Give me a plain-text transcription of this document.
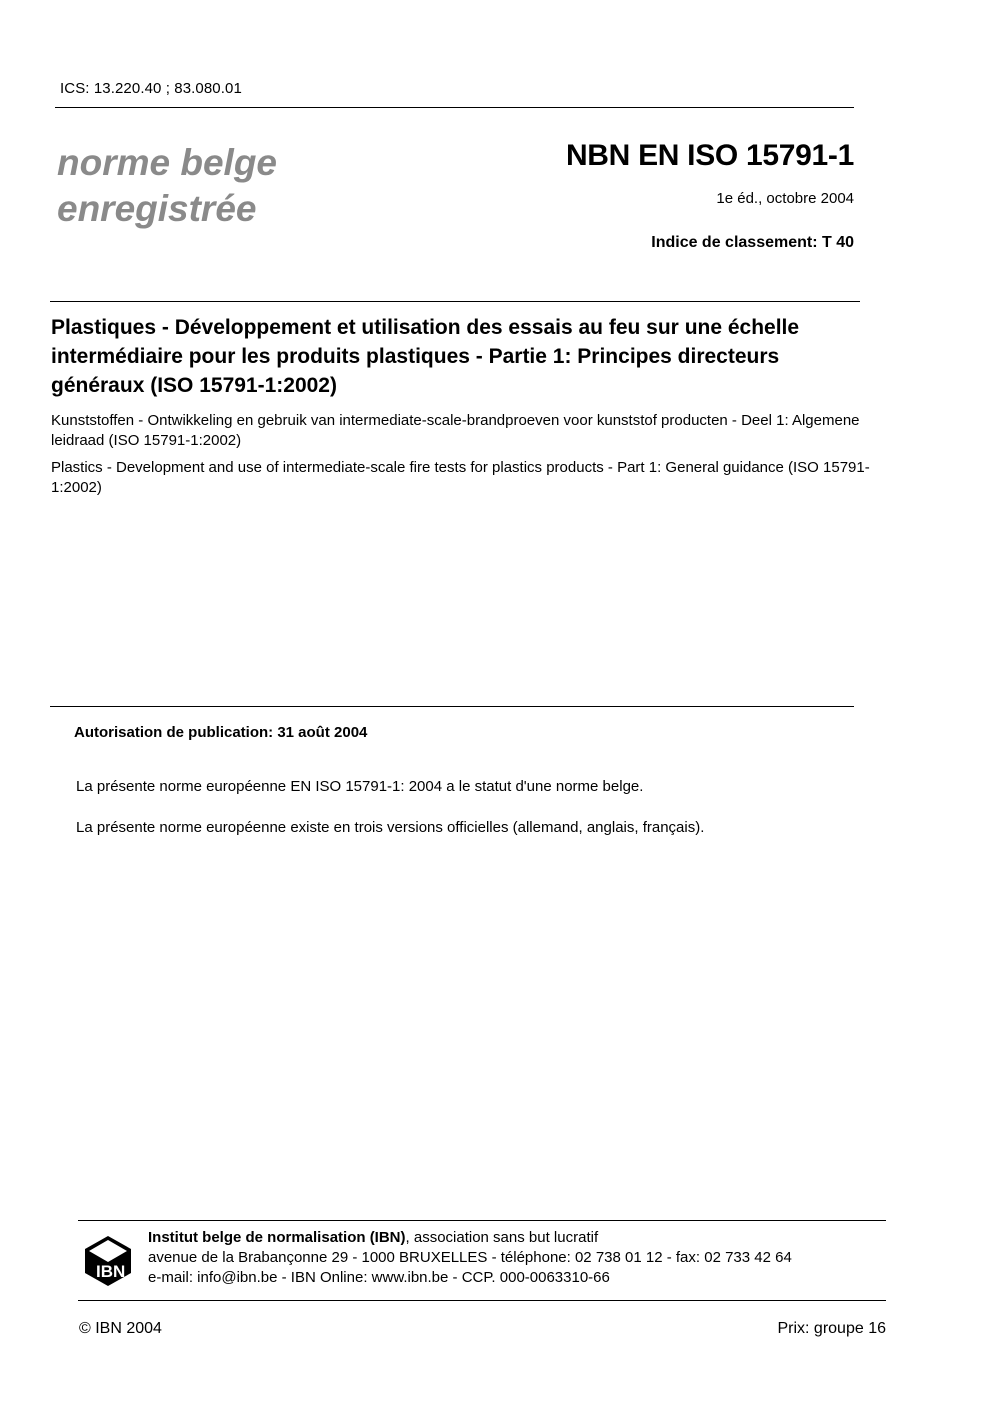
ICS: 13.220.40 ; 83.080.01
norme belge
enregistrée
NBN EN ISO 15791-1
1e éd., octobre 2004
Indice de classement: T 40
Plastiques - Développement et utilisation des essais au feu sur une échelle intermédiaire pour les produits plastiques - Partie 1: Principes directeurs généraux (ISO 15791-1:2002)
Kunststoffen - Ontwikkeling en gebruik van intermediate-scale-brandproeven voor kunststof producten - Deel 1: Algemene leidraad (ISO 15791-1:2002)
Plastics - Development and use of intermediate-scale fire tests for plastics products - Part 1: General guidance (ISO 15791-1:2002)
Autorisation de publication: 31 août 2004
La présente norme européenne EN ISO 15791-1: 2004 a le statut d'une norme belge.
La présente norme européenne existe en trois versions officielles (allemand, anglais, français).
IBN
Institut belge de normalisation (IBN), association sans but lucratif
avenue de la Brabançonne 29 - 1000 BRUXELLES - téléphone: 02 738 01 12 - fax: 02 733 42 64
e-mail: info@ibn.be - IBN Online: www.ibn.be - CCP. 000-0063310-66
© IBN 2004	Prix: groupe 16
